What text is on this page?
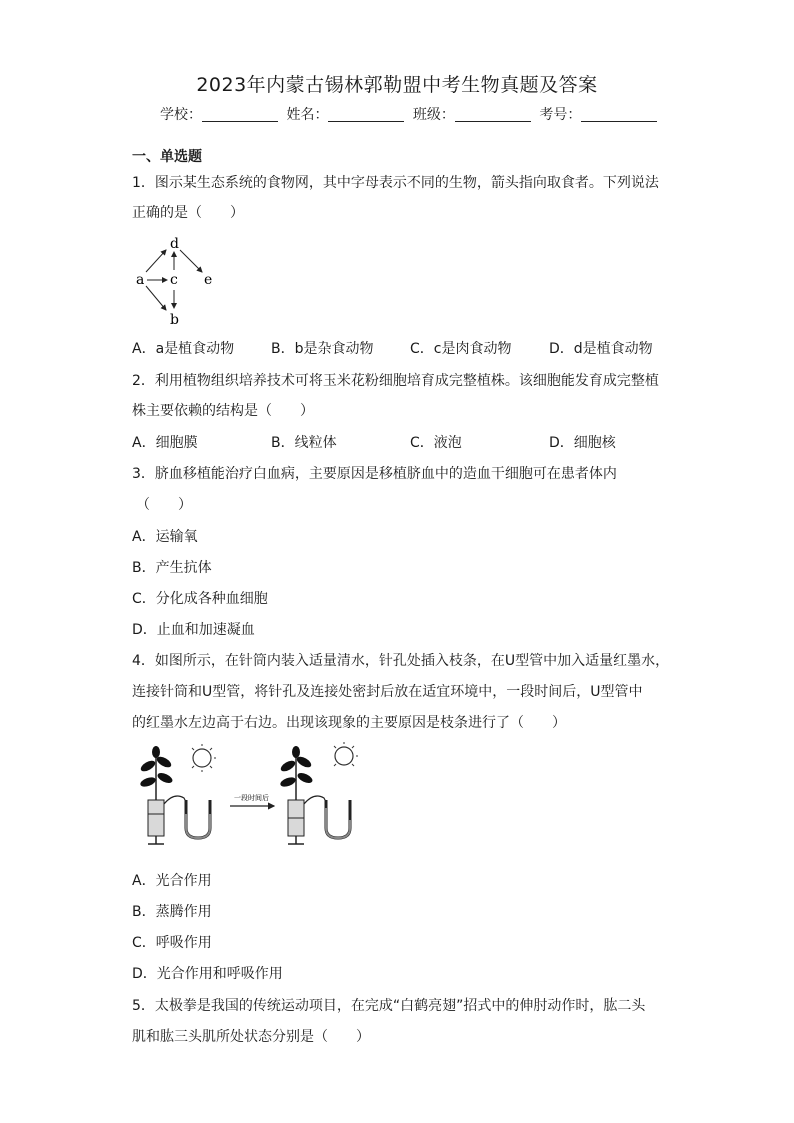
2023年内蒙古锡林郭勒盟中考生物真题及答案
学校：	姓名：	班级：	考号：
一、单选题
1．图示某生态系统的食物网，其中字母表示不同的生物，箭头指向取食者。下列说法
正确的是（　　）
d
a c e
b
A．a是植食动物	B．b是杂食动物	C．c是肉食动物	D．d是植食动物
2．利用植物组织培养技术可将玉米花粉细胞培育成完整植株。该细胞能发育成完整植
株主要依赖的结构是（　　）
A．细胞膜	B．线粒体	C．液泡	D．细胞核
3．脐血移植能治疗白血病，主要原因是移植脐血中的造血干细胞可在患者体内
（　　）
A．运输氧
B．产生抗体
C．分化成各种血细胞
D．止血和加速凝血
4．如图所示，在针筒内装入适量清水，针孔处插入枝条，在U型管中加入适量红墨水，
连接针筒和U型管，将针孔及连接处密封后放在适宜环境中，一段时间后，U型管中
的红墨水左边高于右边。出现该现象的主要原因是枝条进行了（　　）
一段时间后
A．光合作用
B．蒸腾作用
C．呼吸作用
D．光合作用和呼吸作用
5．太极拳是我国的传统运动项目，在完成“白鹤亮翅”招式中的伸肘动作时，肱二头
肌和肱三头肌所处状态分别是（　　）
